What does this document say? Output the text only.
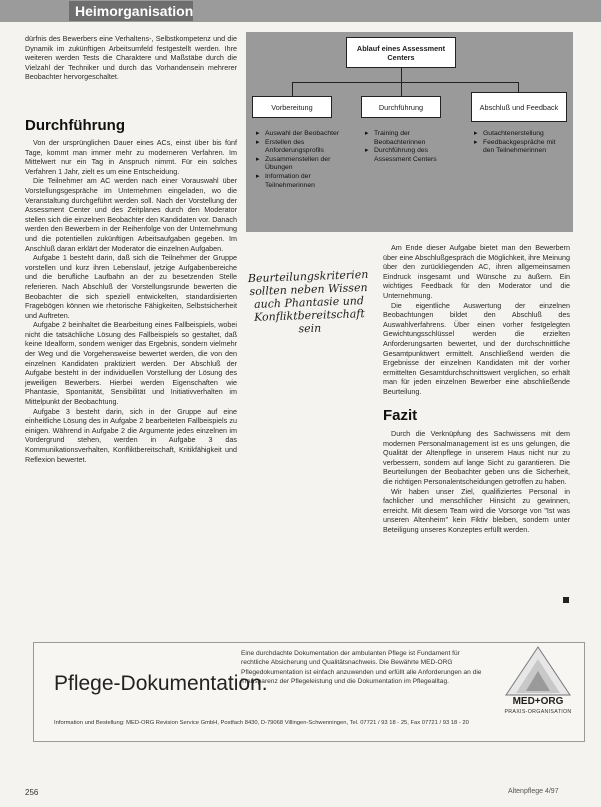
Heimorganisation

dürfnis des Bewerbers eine Verhaltens-, Selbstkompetenz und die Dynamik im zukünftigen Arbeitsumfeld festgestellt werden. Ihre weiteren werden Tests die Charaktere und Maßstäbe durch die Vielzahl der Techniker und durch das Vorhandensein mehrerer Beobachter hervorgeschaltet.

Durchführung

Von der ursprünglichen Dauer eines ACs, einst über bis fünf Tage, kommt man immer mehr zu moderneren Verfahren. Im Mittelwert nur ein Tag in Anspruch nimmt. Für ein solches Verfahren 1 Jahr, zielt es um eine Entscheidung.

Die Teilnehmer am AC werden nach einer Vorauswahl über Vorstellungsgespräche im Unternehmen eingeladen, wo die Veranstaltung durchgeführt werden soll. Nach der Vorstellung der Assessment Center und des Zeitplanes durch den Moderator stellen sich die einzelnen Beobachter den Kandidaten vor. Danach werden den Bewerbern in der Reihenfolge von der Unternehmung und die potentiellen zukünftigen Arbeitsaufgaben gegeben. Im Anschluß daran erklärt der Moderator die einzelnen Aufgaben.

Aufgabe 1 besteht darin, daß sich die Teilnehmer der Gruppe vorstellen und kurz ihren Lebenslauf, jetzige Aufgabenbereiche und die berufliche Laufbahn an der zu besetzenden Stelle referieren. Nach Abschluß der Vorstellungsrunde bewerten die Beobachter die sich speziell entwickelten, standardisierten Fragebögen können wie rhetorische Fähigkeiten, Selbstsicherheit und Auftreten.

Aufgabe 2 beinhaltet die Bearbeitung eines Fallbeispiels, wobei nicht die tatsächliche Lösung des Fallbeispiels so gestaltet, daß keine Idealform, sondern weniger das Ergebnis, sondern vielmehr der Weg und die Vorgehensweise bewertet werden, die von den einzelnen Kandidaten praktiziert werden. Der Abschluß der Aufgabe besteht in der individuellen Vorstellung der Lösung des jeweiligen Bewerbers. Hierbei werden Eigenschaften wie Phantasie, Spontanität, Sensibilität und Initiativverhalten im Mittelpunkt der Beobachtung.

Aufgabe 3 besteht darin, sich in der Gruppe auf eine einheitliche Lösung des in Aufgabe 2 bearbeiteten Fallbeispiels zu einigen. Während in Aufgabe 2 die Argumente jedes einzelnen im Vordergrund stehen, werden in Aufgabe 3 das Kommunikationsverhalten, Konfliktbereitschaft, Kritikfähigkeit und Reflexion bewertet.

Ablauf eines Assessment Centers
Vorbereitung	Durchführung	Abschluß und Feedback
▸ Auswahl der Beobachter
▸ Erstellen des Anforderungsprofils
▸ Zusammenstellen der Übungen
▸ Information der Teilnehmerinnen
▸ Training der Beobachterinnen
▸ Durchführung des Assessment Centers
▸ Gutachtenerstellung
▸ Feedbackgespräche mit den Teilnehmerinnen
Beurteilungskriterien sollten neben Wissen auch Phantasie und Konfliktbereitschaft sein

Am Ende dieser Aufgabe bietet man den Bewerbern über eine Abschlußgespräch die Möglichkeit, ihre Meinung über den zurückliegenden AC, ihren allgemeinsamen Eindruck insgesamt und Wünsche zu äußern. Ein wichtiges Feedback für den Moderator und die Unternehmung.

Die eigentliche Auswertung der einzelnen Beobachtungen bildet den Abschluß des Auswahlverfahrens. Über einen vorher festgelegten Gewichtungsschlüssel werden die erzielten Anforderungsarten bewertet, und der durchschnittliche Gesamtpunktwert ermittelt. Anschließend werden die Ergebnisse der einzelnen Kandidaten mit der vorher ermittelten Gesamtdurchschnittswert verglichen, so erhält man für jeden einzelnen Bewerber eine abschließende Beurteilung.

Fazit

Durch die Verknüpfung des Sachwissens mit dem modernen Personalmanagement ist es uns gelungen, die Qualität der Altenpflege in unserem Haus nicht nur zu verbessern, sondern auf lange Sicht zu garantieren. Die Beurteilungen der Beobachter geben uns die Sicherheit, die richtigen Personalentscheidungen getroffen zu haben.

Wir haben unser Ziel, qualifiziertes Personal in fachlicher und menschlicher Hinsicht zu gewinnen, erreicht. Mit diesem Team wird die Vorsorge von "Ist was unseren Altenheim" kein Fiktiv bleiben, sondern unter Beteiligung unseres Konzeptes erfüllt werden.

Pflege-Dokumentation.
Eine durchdachte Dokumentation der ambulanten Pflege ist Fundament für rechtliche Absicherung und Qualitätsnachweis. Die Bewährte MED-ORG Pflegedokumentation ist einfach anzuwenden und erfüllt alle Anforderungen an die Transparenz der Pflegeleistung und die Dokumentation im Pflegealltag.
Information und Bestellung: MED-ORG Revision Service GmbH, Postfach 8430, D-79068 Villingen-Schwenningen, Tel. 07721 / 93 18 - 25, Fax 07721 / 93 18 - 20
MED+ORG
PRAXIS-ORGANISATION
256	Altenpflege 4/97
